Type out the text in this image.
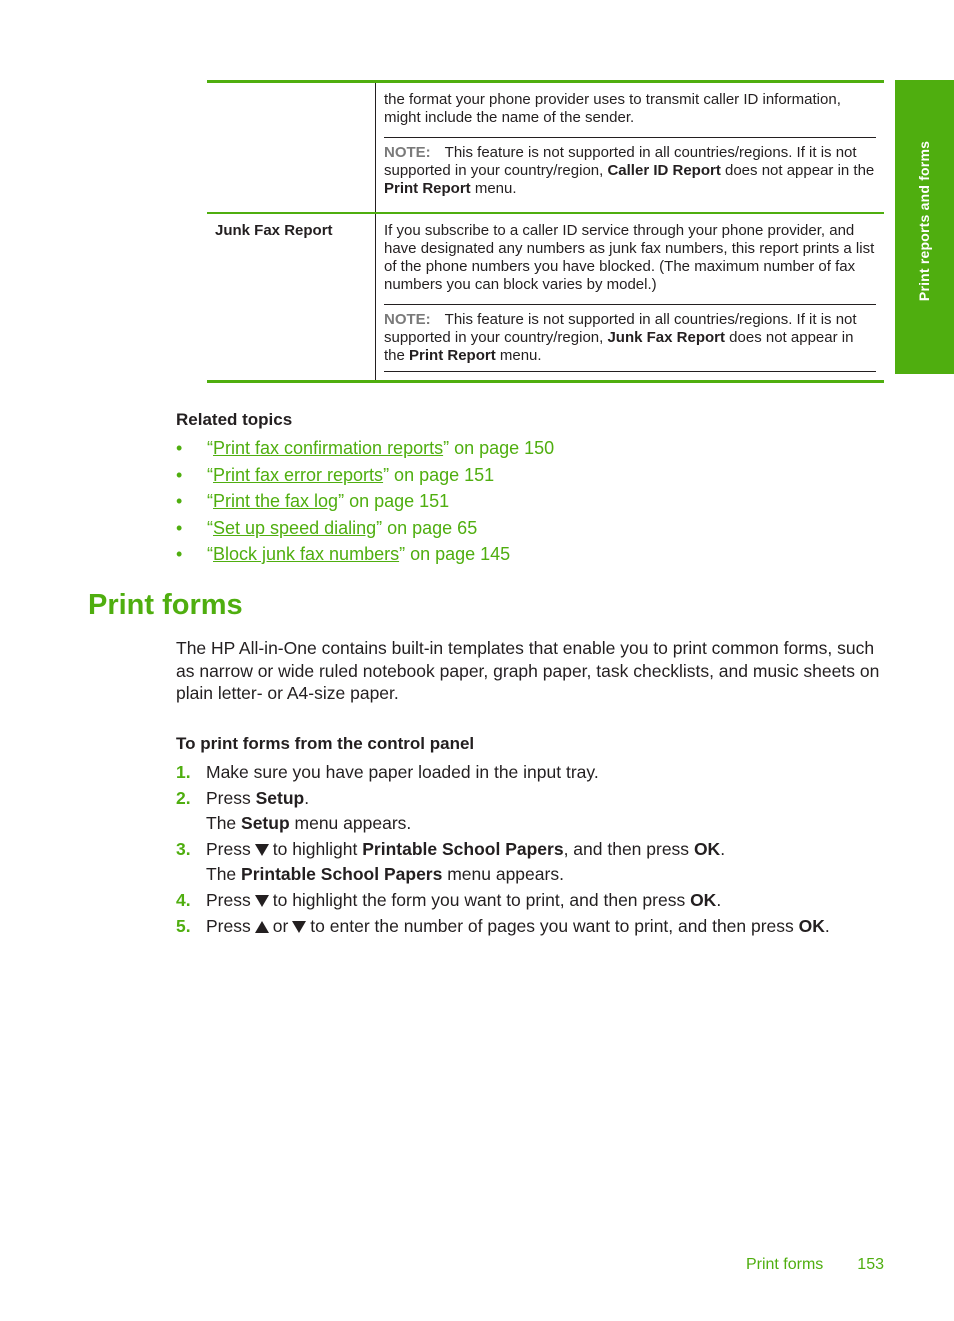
Print reports and forms

	the format your phone provider uses to transmit caller ID information, might include the name of the sender.
NOTE: This feature is not supported in all countries/regions. If it is not supported in your country/region, Caller ID Report does not appear in the Print Report menu.

Junk Fax Report	If you subscribe to a caller ID service through your phone provider, and have designated any numbers as junk fax numbers, this report prints a list of the phone numbers you have blocked. (The maximum number of fax numbers you can block varies by model.)
NOTE: This feature is not supported in all countries/regions. If it is not supported in your country/region, Junk Fax Report does not appear in the Print Report menu.
Related topics
• “Print fax confirmation reports” on page 150
• “Print fax error reports” on page 151
• “Print the fax log” on page 151
• “Set up speed dialing” on page 65
• “Block junk fax numbers” on page 145
Print forms

The HP All-in-One contains built-in templates that enable you to print common forms, such as narrow or wide ruled notebook paper, graph paper, task checklists, and music sheets on plain letter- or A4-size paper.

To print forms from the control panel
1. Make sure you have paper loaded in the input tray.
2. Press Setup.
The Setup menu appears.
3. Press to highlight Printable School Papers, and then press OK.
The Printable School Papers menu appears.
4. Press to highlight the form you want to print, and then press OK.
5. Press or to enter the number of pages you want to print, and then press OK.
Print forms 153
